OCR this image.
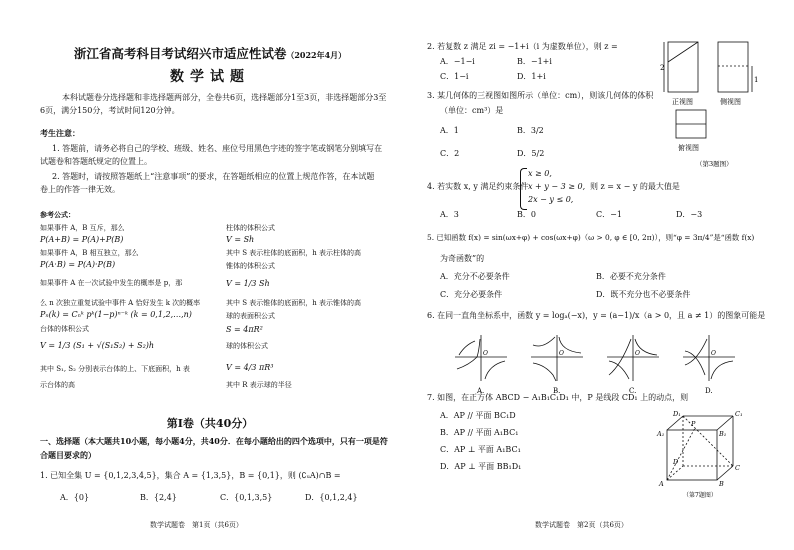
浙江省高考科目考试绍兴市适应性试卷（2022年4月）
数学试题
本科试题卷分选择题和非选择题两部分，全卷共6页，选择题部分1至3页，非选择题部分3至
6页，满分150分，考试时间120分钟。
考生注意：
1. 答题前，请务必将自己的学校、班级、姓名、座位号用黑色字迹的签字笔或钢笔分别填写在
试题卷和答题纸规定的位置上。
2. 答题时，请按照答题纸上“注意事项”的要求，在答题纸相应的位置上规范作答，在本试题
卷上的作答一律无效。
参考公式：
如果事件 A，B 互斥，那么
P(A+B) = P(A)+P(B)
如果事件 A，B 相互独立，那么
P(A·B) = P(A)·P(B)
如果事件 A 在一次试验中发生的概率是 p，那
么 n 次独立重复试验中事件 A 恰好发生 k 次的概率
Pₙ(k) = Cₙᵏ pᵏ(1−p)ⁿ⁻ᵏ (k = 0,1,2,…,n)
台体的体积公式
V = 1/3 (S₁ + √(S₁S₂) + S₂)h
其中 S₁, S₂ 分别表示台体的上、下底面积，h 表
示台体的高
柱体的体积公式
V = Sh
其中 S 表示柱体的底面积，h 表示柱体的高
锥体的体积公式
V = 1/3 Sh
其中 S 表示锥体的底面积，h 表示锥体的高
球的表面积公式
S = 4πR²
球的体积公式
V = 4/3 πR³
其中 R 表示球的半径
第Ⅰ卷（共40分）
一、选择题（本大题共10小题，每小题4分，共40分．在每小题给出的四个选项中，只有一项是符
合题目要求的）
1. 已知全集 U = {0,1,2,3,4,5}，集合 A = {1,3,5}，B = {0,1}，则 (∁ᵤA)∩B =
A．{0}	B．{2,4}	C．{0,1,3,5}	D．{0,1,2,4}
数学试题卷　第1页（共6页）
2. 若复数 z 满足 zi = −1+i（i 为虚数单位），则 z =
A．−1−i	B．−1+i
C．1−i	D．1+i
3. 某几何体的三视图如图所示（单位：cm），则该几何体的体积
（单位：cm³）是
A．1	B．3/2
C．2	D．5/2
2
1
正视图	侧视图
俯视图
（第3题图）
4. 若实数 x, y 满足约束条件
x ≥ 0,
x + y − 3 ≥ 0,
2x − y ≤ 0,
则 z = x − y 的最大值是
A．3	B．0	C．−1	D．−3
5. 已知函数 f(x) = sin(ωx+φ) + cos(ωx+φ)（ω > 0, φ ∈ [0, 2π)），则“φ = 3π/4”是“函数 f(x)
为奇函数”的
A．充分不必要条件	B．必要不充分条件
C．充分必要条件	D．既不充分也不必要条件
6. 在同一直角坐标系中，函数 y = logₐ(−x)，y = (a−1)/x（a > 0，且 a ≠ 1）的图象可能是
O	O	O	O
A.	B.	C.	D.
7. 如图，在正方体 ABCD − A₁B₁C₁D₁ 中，P 是线段 CD₁ 上的动点，则
A．AP // 平面 BC₁D
B．AP // 平面 A₁BC₁
C．AP ⊥ 平面 A₁BC₁
D．AP ⊥ 平面 BB₁D₁
D₁	C₁
A₁	B₁
P
D
C
A	B
（第7题图）
数学试题卷　第2页（共6页）
